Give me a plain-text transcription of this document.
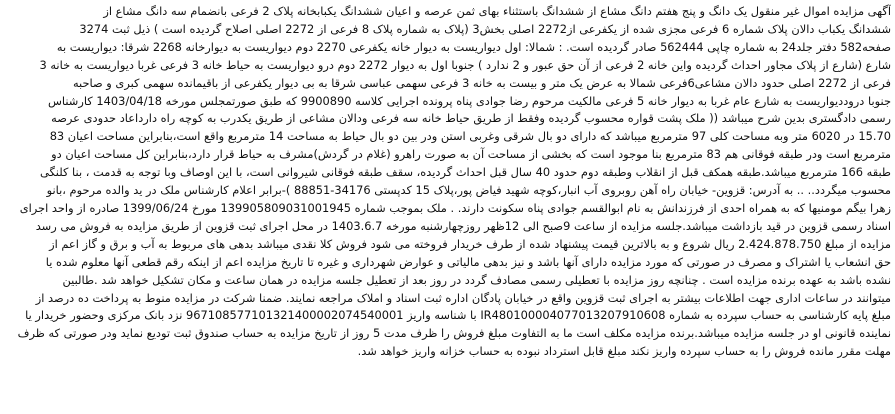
آگهی مزایده اموال غیر منقول یک دانگ و پنج هفتم دانگ مشاع از ششدانگ باستثناء بهای ثمن عرصه و اعیان ششدانگ یکبابخانه پلاک 2 فرعی بانضمام سه دانگ مشاع از
ششدانگ یکباب دالان پلاک شماره 6 فرعی مجزی شده از یکفرعی از2272 اصلی بخش3 (پلاک به شماره پلاک 8 فرعی از 2272 اصلی اصلاح گردیده است ) ذیل ثبت 3274
صفحه582 دفتر جلد24 به شماره چاپی 562444 صادر گردیده است. : شمالا: اول دیواریست به دیوار خانه یکفرعی 2270 دوم دیواریست به دیوارخانه 2268 شرقا: دیواریست به
شارع (شارع از پلاک مجاور احداث گردیده واین خانه 2 فرعی از آن حق عبور و 2 ندارد ) جنوبا اول به دیوار 2272 دوم درو دیواریست به حیاط خانه 3 فرعی غربا دیواریست به خانه 3
فرعی از 2272 اصلی حدود دالان مشاعی6فرعی شمالا به عرض یک متر و بیست به خانه 3 فرعی سهمی عباسی شرقا به بی دیوار یکفرعی از باقیمانده سهمی کبری و صاحبه
جنوبا دروددیواریست به شارع عام غربا به دیوار خانه 5 فرعی مالکیت مرحوم رضا جوادی پناه پرونده اجرایی کلاسه 9900890 که طبق صورتمجلس مورخه 1403/04/18 کارشناس
رسمی دادگستری بدین شرح میباشد (( ملک پشت قواره محسوب گردیده وفقط از طریق حیاط خانه سه فرعی ودالان مشاعی از طریق یکدرب به کوچه راه دارداعاد حدودی عرصه
15.70 در 6020 متر وبه مساحت کلی 97 مترمربع میباشد که دارای دو بال شرقی وغربی استن ودر بین دو بال حیاط به مساحت 14 مترمربع واقع است،بنابراین مساحت اعیان 83
مترمربع است ودر طبقه فوقانی هم 83 مترمربع بنا موجود است که بخشی از مساحت آن به صورت راهرو (غلام در گردش)مشرف به حیاط قرار دارد،بنابراین کل مساحت اعیان دو
طبقه 166 مترمربع میباشد.طبقه همکف قبل از انقلاب وطبقه دوم حدود 40 سال قبل احداث گردیده، سقف طبقه فوقانی شیروانی است، با این اوصاف وبا توجه به قدمت ، بنا کلنگی
محسوب میگردد.. .. به آدرس: قزوین- خیابان راه آهن روبروی آب انبار،کوچه شهید فیاض پور،پلاک 15 کدپستی 34176-88851 )-برابر اعلام کارشناس ملک در ید والده مرحوم ،بانو
زهرا بیگم مومنیها که به همراه احدی از فرزندانش به نام ابوالقسم جوادی پناه سکونت دارند. . ملک بموجب شماره 139905809031001945 مورخ 1399/06/24 صادره از واحد اجرای
اسناد رسمی قزوین در قید بازداشت میباشد.جلسه مزایده از ساعت 9صبح الی 12ظهر روزچهارشنبه مورخه 1403.6.7 در محل اجرای ثبت قزوین از طریق مزایده به فروش می رسد
مزایده از مبلغ 2.424.878.750 ریال شروع و به بالاترین قیمت پیشنهاد شده از طرف خریدار فروخته می شود فروش کلا نقدی میباشد بدهی های مربوط به آب و برق و گاز اعم از
حق انشعاب یا اشتراک و مصرف در صورتی که مورد مزایده دارای آنها باشد و نیز بدهی مالیاتی و عوارض شهرداری و غیره تا تاریخ مزایده اعم از اینکه رقم قطعی آنها معلوم شده یا
نشده باشد به عهده برنده مزایده است . چنانچه روز مزایده با تعطیلی رسمی مصادف گردد در روز بعد از تعطیل جلسه مزایده در همان ساعت و مکان تشکیل خواهد شد .طالبین
میتوانند در ساعات اداری جهت اطلاعات بیشتر به اجرای ثبت قزوین واقع در خیابان پادگان اداره ثبت اسناد و املاک مراجعه نمایند. ضمنا شرکت در مزایده منوط به پرداخت ده درصد از
مبلغ پایه کارشناسی به حساب سپرده به شماره IR480100004077013207910608 با شناسه واریز 967108577101321400002074540001 نزد بانک مرکزی وحضور خریدار یا
نماینده قانونی او در جلسه مزایده میباشد.برنده مزایده مکلف است ما به التفاوت مبلغ فروش را ظرف مدت 5 روز از تاریخ مزایده به حساب صندوق ثبت تودیع نماید ودر صورتی که ظرف
مهلت مقرر مانده فروش را به حساب سپرده واریز نکند مبلغ قابل استرداد نبوده به حساب خزانه واریز خواهد شد.
